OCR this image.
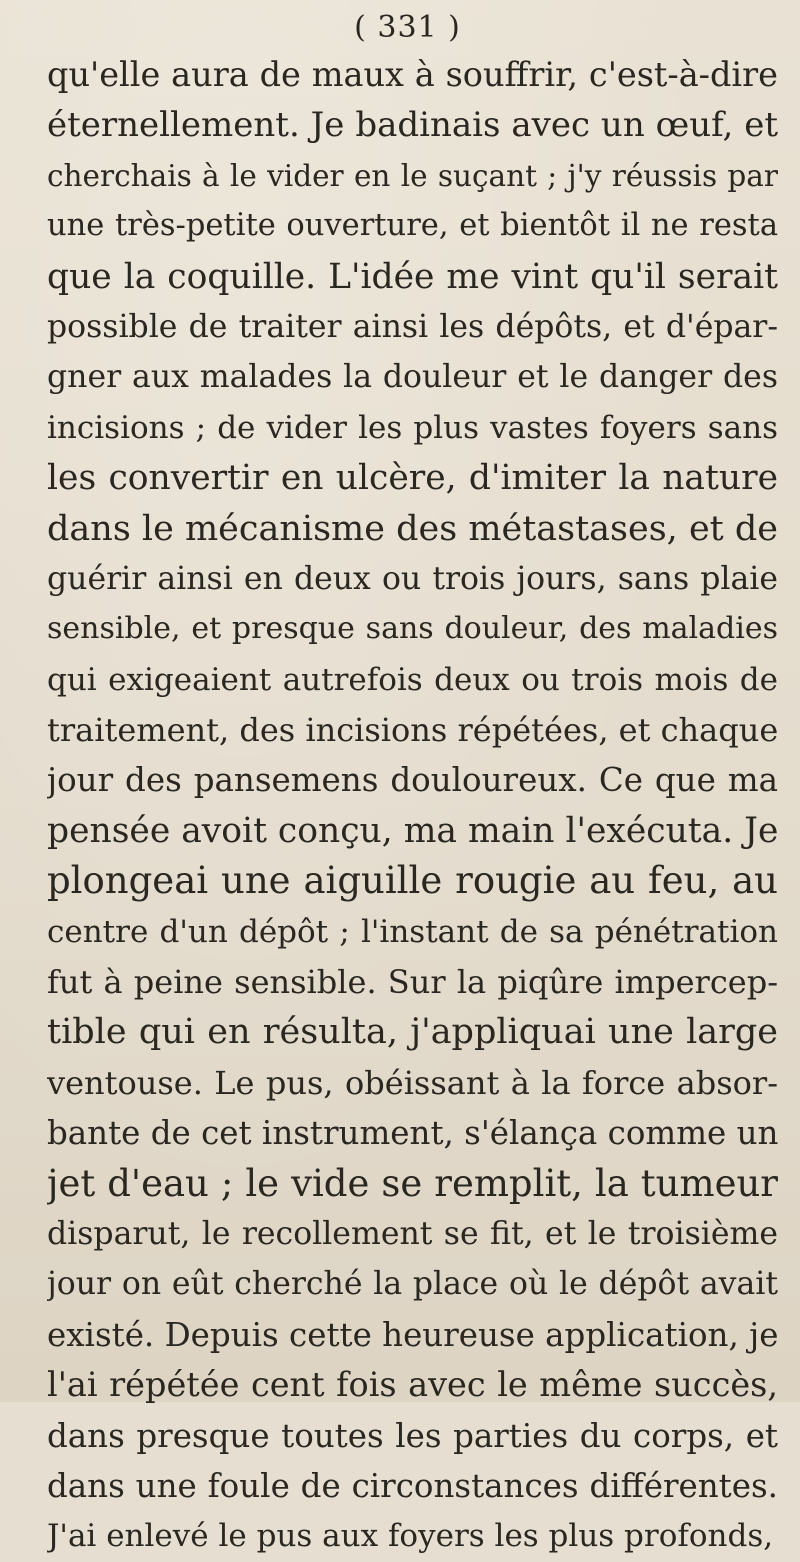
( 331 )
qu'elle aura de maux à souffrir, c'est-à-dire
éternellement. Je badinais avec un œuf, et
cherchais à le vider en le suçant ; j'y réussis par
une très-petite ouverture, et bientôt il ne resta
que la coquille. L'idée me vint qu'il serait
possible de traiter ainsi les dépôts, et d'épar-
gner aux malades la douleur et le danger des
incisions ; de vider les plus vastes foyers sans
les convertir en ulcère, d'imiter la nature
dans le mécanisme des métastases, et de
guérir ainsi en deux ou trois jours, sans plaie
sensible, et presque sans douleur, des maladies
qui exigeaient autrefois deux ou trois mois de
traitement, des incisions répétées, et chaque
jour des pansemens douloureux. Ce que ma
pensée avoit conçu, ma main l'exécuta. Je
plongeai une aiguille rougie au feu, au
centre d'un dépôt ; l'instant de sa pénétration
fut à peine sensible. Sur la piqûre impercep-
tible qui en résulta, j'appliquai une large
ventouse. Le pus, obéissant à la force absor-
bante de cet instrument, s'élança comme un
jet d'eau ; le vide se remplit, la tumeur
disparut, le recollement se fit, et le troisième
jour on eût cherché la place où le dépôt avait
existé. Depuis cette heureuse application, je
l'ai répétée cent fois avec le même succès,
dans presque toutes les parties du corps, et
dans une foule de circonstances différentes.
J'ai enlevé le pus aux foyers les plus profonds,
